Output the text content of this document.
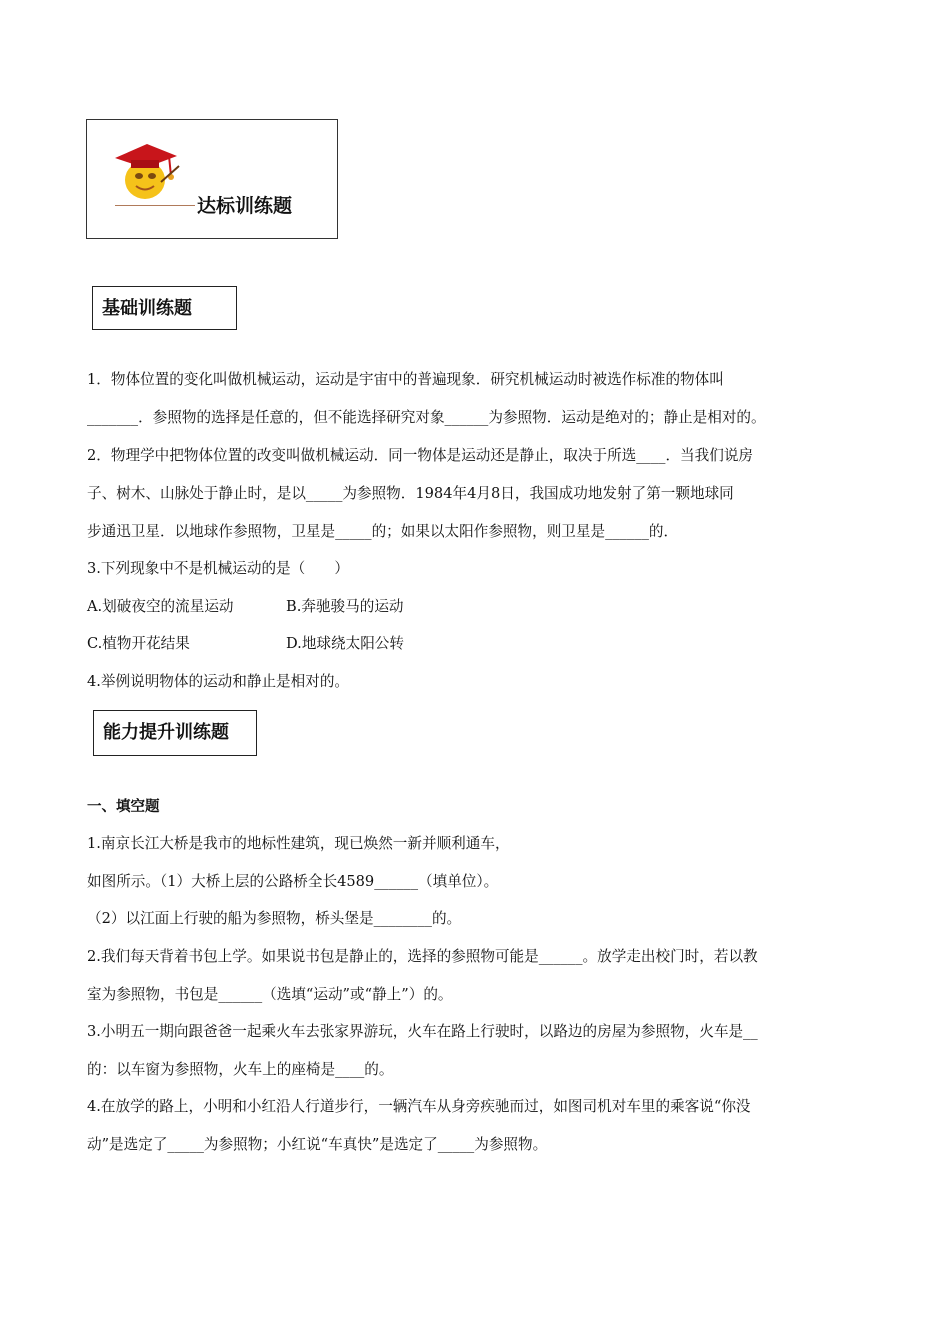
达标训练题
基础训练题
1．物体位置的变化叫做机械运动，运动是宇宙中的普遍现象．研究机械运动时被选作标准的物体叫
_______．参照物的选择是任意的，但不能选择研究对象______为参照物．运动是绝对的；静止是相对的。
2．物理学中把物体位置的改变叫做机械运动．同一物体是运动还是静止，取决于所选____．当我们说房
子、树木、山脉处于静止时，是以_____为参照物．1984年4月8日，我国成功地发射了第一颗地球同
步通迅卫星．以地球作参照物，卫星是_____的；如果以太阳作参照物，则卫星是______的．
3.下列现象中不是机械运动的是（　　）
A.划破夜空的流星运动	B.奔驰骏马的运动
C.植物开花结果	D.地球绕太阳公转
4.举例说明物体的运动和静止是相对的。
能力提升训练题
一、填空题
1.南京长江大桥是我市的地标性建筑，现已焕然一新并顺利通车，
如图所示。（1）大桥上层的公路桥全长4589______（填单位）。
（2）以江面上行驶的船为参照物，桥头堡是________的。
2.我们每天背着书包上学。如果说书包是静止的，选择的参照物可能是______。放学走出校门时，若以教
室为参照物，书包是______（选填“运动”或“静上”）的。
3.小明五一期向跟爸爸一起乘火车去张家界游玩，火车在路上行驶时，以路边的房屋为参照物，火车是__
的：以车窗为参照物，火车上的座椅是____的。
4.在放学的路上，小明和小红沿人行道步行，一辆汽车从身旁疾驰而过，如图司机对车里的乘客说“你没
动”是选定了_____为参照物；小红说“车真快”是选定了_____为参照物。
